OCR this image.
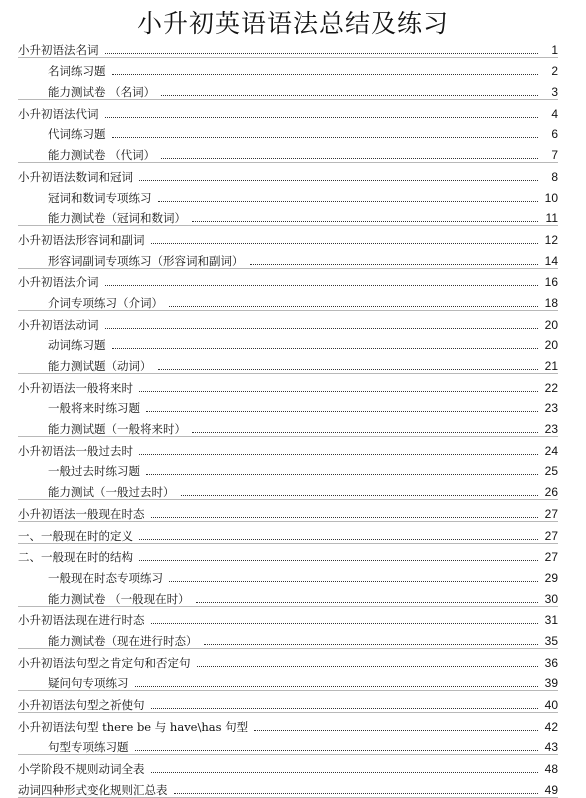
小升初英语语法总结及练习
小升初语法名词	1
名词练习题	2
能力测试卷 （名词）	3
小升初语法代词	4
代词练习题	6
能力测试卷 （代词）	7
小升初语法数词和冠词	8
冠词和数词专项练习	10
能力测试卷（冠词和数词）	11
小升初语法形容词和副词	12
形容词副词专项练习（形容词和副词）	14
小升初语法介词	16
介词专项练习（介词）	18
小升初语法动词	20
动词练习题	20
能力测试题（动词）	21
小升初语法一般将来时	22
一般将来时练习题	23
能力测试题（一般将来时）	23
小升初语法一般过去时	24
一般过去时练习题	25
能力测试（一般过去时）	26
小升初语法一般现在时态	27
一、一般现在时的定义	27
二、一般现在时的结构	27
一般现在时态专项练习	29
能力测试卷 （一般现在时）	30
小升初语法现在进行时态	31
能力测试卷（现在进行时态）	35
小升初语法句型之肯定句和否定句	36
疑问句专项练习	39
小升初语法句型之祈使句	40
小升初语法句型 there be 与 have\has 句型	42
句型专项练习题	43
小学阶段不规则动词全表	48
动词四种形式变化规则汇总表	49
